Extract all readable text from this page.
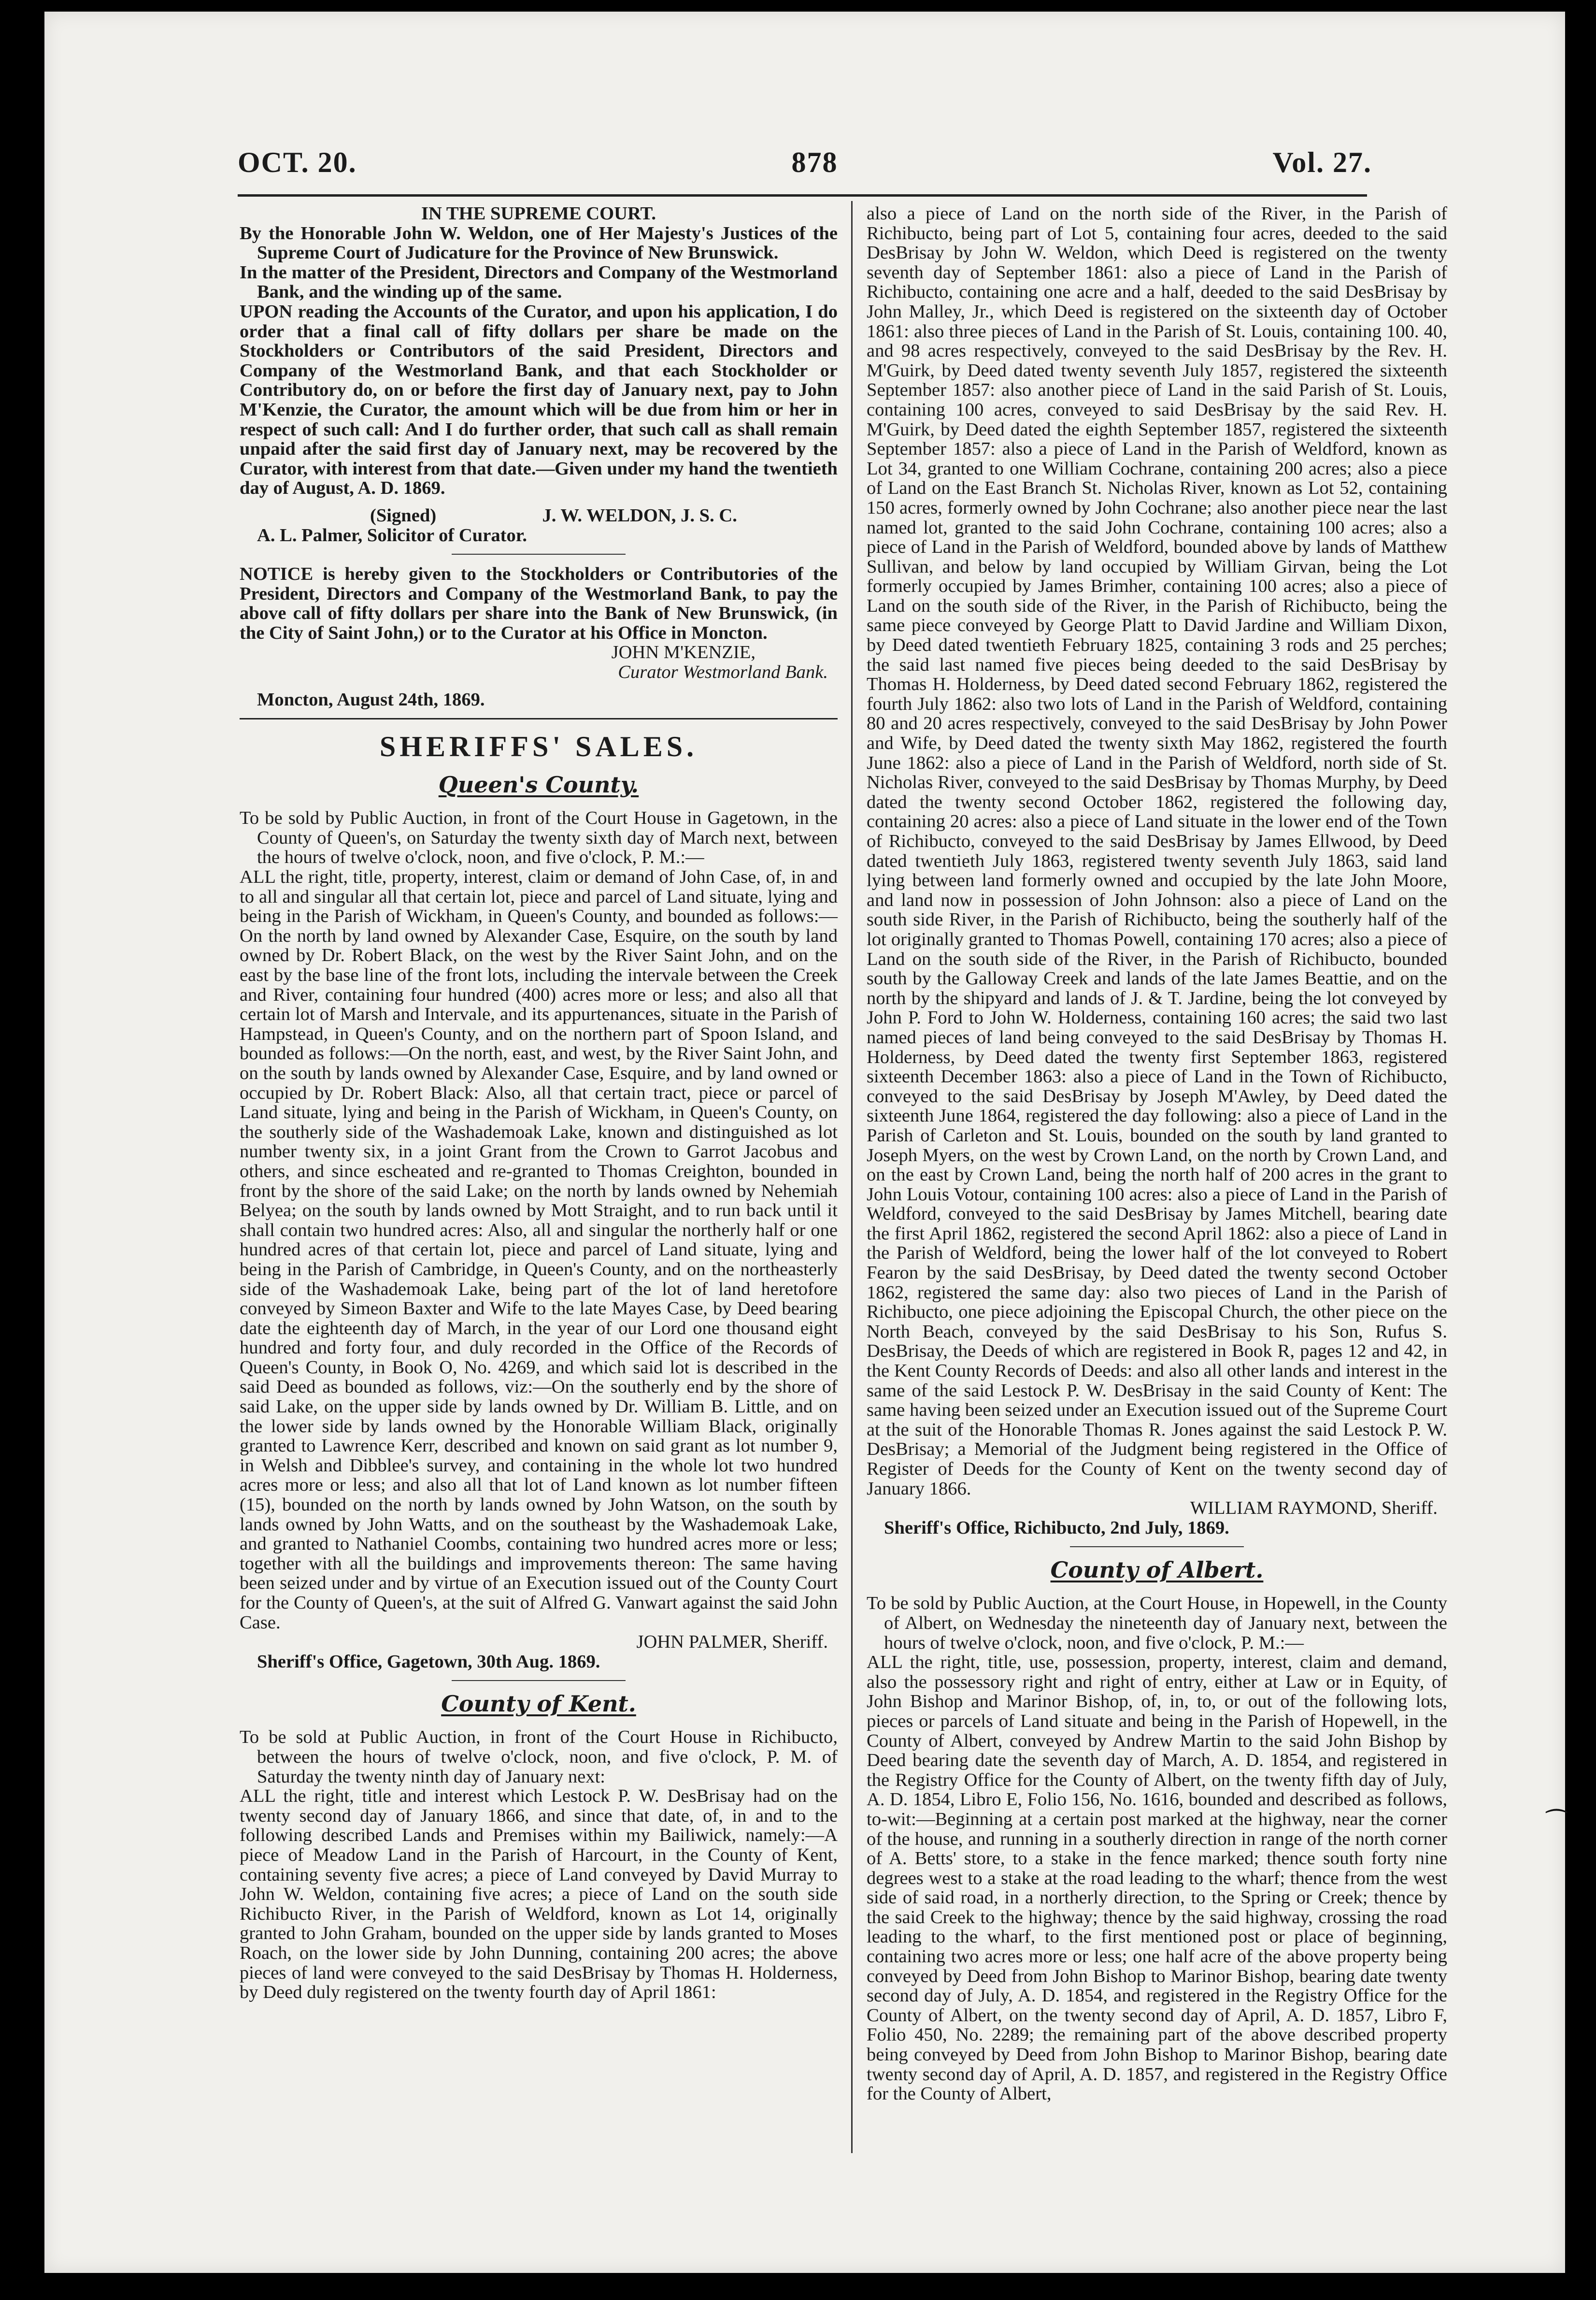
OCT. 20.	878	Vol. 27.

IN THE SUPREME COURT.

By the Honorable John W. Weldon, one of Her Majesty's Justices of the Supreme Court of Judicature for the Province of New Brunswick.

In the matter of the President, Directors and Company of the Westmorland Bank, and the winding up of the same.

UPON reading the Accounts of the Curator, and upon his application, I do order that a final call of fifty dollars per share be made on the Stockholders or Contributors of the said President, Directors and Company of the Westmorland Bank, and that each Stockholder or Contributory do, on or before the first day of January next, pay to John M'Kenzie, the Curator, the amount which will be due from him or her in respect of such call: And I do further order, that such call as shall remain unpaid after the said first day of January next, may be recovered by the Curator, with interest from that date.—Given under my hand the twentieth day of August, A. D. 1869.

(Signed)	J. W. WELDON, J. S. C.

A. L. Palmer, Solicitor of Curator.

NOTICE is hereby given to the Stockholders or Contributories of the President, Directors and Company of the Westmorland Bank, to pay the above call of fifty dollars per share into the Bank of New Brunswick, (in the City of Saint John,) or to the Curator at his Office in Moncton.

JOHN M'KENZIE,

Curator Westmorland Bank.

Moncton, August 24th, 1869.

SHERIFFS' SALES.

Queen's County.

To be sold by Public Auction, in front of the Court House in Gagetown, in the County of Queen's, on Saturday the twenty sixth day of March next, between the hours of twelve o'clock, noon, and five o'clock, P. M.:—

ALL the right, title, property, interest, claim or demand of John Case, of, in and to all and singular all that certain lot, piece and parcel of Land situate, lying and being in the Parish of Wickham, in Queen's County, and bounded as follows:—On the north by land owned by Alexander Case, Esquire, on the south by land owned by Dr. Robert Black, on the west by the River Saint John, and on the east by the base line of the front lots, including the intervale between the Creek and River, containing four hundred (400) acres more or less; and also all that certain lot of Marsh and Intervale, and its appurtenances, situate in the Parish of Hampstead, in Queen's County, and on the northern part of Spoon Island, and bounded as follows:—On the north, east, and west, by the River Saint John, and on the south by lands owned by Alexander Case, Esquire, and by land owned or occupied by Dr. Robert Black: Also, all that certain tract, piece or parcel of Land situate, lying and being in the Parish of Wickham, in Queen's County, on the southerly side of the Washademoak Lake, known and distinguished as lot number twenty six, in a joint Grant from the Crown to Garrot Jacobus and others, and since escheated and re-granted to Thomas Creighton, bounded in front by the shore of the said Lake; on the north by lands owned by Nehemiah Belyea; on the south by lands owned by Mott Straight, and to run back until it shall contain two hundred acres: Also, all and singular the northerly half or one hundred acres of that certain lot, piece and parcel of Land situate, lying and being in the Parish of Cambridge, in Queen's County, and on the northeasterly side of the Washademoak Lake, being part of the lot of land heretofore conveyed by Simeon Baxter and Wife to the late Mayes Case, by Deed bearing date the eighteenth day of March, in the year of our Lord one thousand eight hundred and forty four, and duly recorded in the Office of the Records of Queen's County, in Book O, No. 4269, and which said lot is described in the said Deed as bounded as follows, viz:—On the southerly end by the shore of said Lake, on the upper side by lands owned by Dr. William B. Little, and on the lower side by lands owned by the Honorable William Black, originally granted to Lawrence Kerr, described and known on said grant as lot number 9, in Welsh and Dibblee's survey, and containing in the whole lot two hundred acres more or less; and also all that lot of Land known as lot number fifteen (15), bounded on the north by lands owned by John Watson, on the south by lands owned by John Watts, and on the southeast by the Washademoak Lake, and granted to Nathaniel Coombs, containing two hundred acres more or less; together with all the buildings and improvements thereon: The same having been seized under and by virtue of an Execution issued out of the County Court for the County of Queen's, at the suit of Alfred G. Vanwart against the said John Case.

JOHN PALMER, Sheriff.

Sheriff's Office, Gagetown, 30th Aug. 1869.

County of Kent.

To be sold at Public Auction, in front of the Court House in Richibucto, between the hours of twelve o'clock, noon, and five o'clock, P. M. of Saturday the twenty ninth day of January next:

ALL the right, title and interest which Lestock P. W. DesBrisay had on the twenty second day of January 1866, and since that date, of, in and to the following described Lands and Premises within my Bailiwick, namely:—A piece of Meadow Land in the Parish of Harcourt, in the County of Kent, containing seventy five acres; a piece of Land conveyed by David Murray to John W. Weldon, containing five acres; a piece of Land on the south side Richibucto River, in the Parish of Weldford, known as Lot 14, originally granted to John Graham, bounded on the upper side by lands granted to Moses Roach, on the lower side by John Dunning, containing 200 acres; the above pieces of land were conveyed to the said DesBrisay by Thomas H. Holderness, by Deed duly registered on the twenty fourth day of April 1861:

also a piece of Land on the north side of the River, in the Parish of Richibucto, being part of Lot 5, containing four acres, deeded to the said DesBrisay by John W. Weldon, which Deed is registered on the twenty seventh day of September 1861: also a piece of Land in the Parish of Richibucto, containing one acre and a half, deeded to the said DesBrisay by John Malley, Jr., which Deed is registered on the sixteenth day of October 1861: also three pieces of Land in the Parish of St. Louis, containing 100. 40, and 98 acres respectively, conveyed to the said DesBrisay by the Rev. H. M'Guirk, by Deed dated twenty seventh July 1857, registered the sixteenth September 1857: also another piece of Land in the said Parish of St. Louis, containing 100 acres, conveyed to said DesBrisay by the said Rev. H. M'Guirk, by Deed dated the eighth September 1857, registered the sixteenth September 1857: also a piece of Land in the Parish of Weldford, known as Lot 34, granted to one William Cochrane, containing 200 acres; also a piece of Land on the East Branch St. Nicholas River, known as Lot 52, containing 150 acres, formerly owned by John Cochrane; also another piece near the last named lot, granted to the said John Cochrane, containing 100 acres; also a piece of Land in the Parish of Weldford, bounded above by lands of Matthew Sullivan, and below by land occupied by William Girvan, being the Lot formerly occupied by James Brimher, containing 100 acres; also a piece of Land on the south side of the River, in the Parish of Richibucto, being the same piece conveyed by George Platt to David Jardine and William Dixon, by Deed dated twentieth February 1825, containing 3 rods and 25 perches; the said last named five pieces being deeded to the said DesBrisay by Thomas H. Holderness, by Deed dated second February 1862, registered the fourth July 1862: also two lots of Land in the Parish of Weldford, containing 80 and 20 acres respectively, conveyed to the said DesBrisay by John Power and Wife, by Deed dated the twenty sixth May 1862, registered the fourth June 1862: also a piece of Land in the Parish of Weldford, north side of St. Nicholas River, conveyed to the said DesBrisay by Thomas Murphy, by Deed dated the twenty second October 1862, registered the following day, containing 20 acres: also a piece of Land situate in the lower end of the Town of Richibucto, conveyed to the said DesBrisay by James Ellwood, by Deed dated twentieth July 1863, registered twenty seventh July 1863, said land lying between land formerly owned and occupied by the late John Moore, and land now in possession of John Johnson: also a piece of Land on the south side River, in the Parish of Richibucto, being the southerly half of the lot originally granted to Thomas Powell, containing 170 acres; also a piece of Land on the south side of the River, in the Parish of Richibucto, bounded south by the Galloway Creek and lands of the late James Beattie, and on the north by the shipyard and lands of J. & T. Jardine, being the lot conveyed by John P. Ford to John W. Holderness, containing 160 acres; the said two last named pieces of land being conveyed to the said DesBrisay by Thomas H. Holderness, by Deed dated the twenty first September 1863, registered sixteenth December 1863: also a piece of Land in the Town of Richibucto, conveyed to the said DesBrisay by Joseph M'Awley, by Deed dated the sixteenth June 1864, registered the day following: also a piece of Land in the Parish of Carleton and St. Louis, bounded on the south by land granted to Joseph Myers, on the west by Crown Land, on the north by Crown Land, and on the east by Crown Land, being the north half of 200 acres in the grant to John Louis Votour, containing 100 acres: also a piece of Land in the Parish of Weldford, conveyed to the said DesBrisay by James Mitchell, bearing date the first April 1862, registered the second April 1862: also a piece of Land in the Parish of Weldford, being the lower half of the lot conveyed to Robert Fearon by the said DesBrisay, by Deed dated the twenty second October 1862, registered the same day: also two pieces of Land in the Parish of Richibucto, one piece adjoining the Episcopal Church, the other piece on the North Beach, conveyed by the said DesBrisay to his Son, Rufus S. DesBrisay, the Deeds of which are registered in Book R, pages 12 and 42, in the Kent County Records of Deeds: and also all other lands and interest in the same of the said Lestock P. W. DesBrisay in the said County of Kent: The same having been seized under an Execution issued out of the Supreme Court at the suit of the Honorable Thomas R. Jones against the said Lestock P. W. DesBrisay; a Memorial of the Judgment being registered in the Office of Register of Deeds for the County of Kent on the twenty second day of January 1866.

WILLIAM RAYMOND, Sheriff.

Sheriff's Office, Richibucto, 2nd July, 1869.

County of Albert.

To be sold by Public Auction, at the Court House, in Hopewell, in the County of Albert, on Wednesday the nineteenth day of January next, between the hours of twelve o'clock, noon, and five o'clock, P. M.:—

ALL the right, title, use, possession, property, interest, claim and demand, also the possessory right and right of entry, either at Law or in Equity, of John Bishop and Marinor Bishop, of, in, to, or out of the following lots, pieces or parcels of Land situate and being in the Parish of Hopewell, in the County of Albert, conveyed by Andrew Martin to the said John Bishop by Deed bearing date the seventh day of March, A. D. 1854, and registered in the Registry Office for the County of Albert, on the twenty fifth day of July, A. D. 1854, Libro E, Folio 156, No. 1616, bounded and described as follows, to-wit:—Beginning at a certain post marked at the highway, near the corner of the house, and running in a southerly direction in range of the north corner of A. Betts' store, to a stake in the fence marked; thence south forty nine degrees west to a stake at the road leading to the wharf; thence from the west side of said road, in a northerly direction, to the Spring or Creek; thence by the said Creek to the highway; thence by the said highway, crossing the road leading to the wharf, to the first mentioned post or place of beginning, containing two acres more or less; one half acre of the above property being conveyed by Deed from John Bishop to Marinor Bishop, bearing date twenty second day of July, A. D. 1854, and registered in the Registry Office for the County of Albert, on the twenty second day of April, A. D. 1857, Libro F, Folio 450, No. 2289; the remaining part of the above described property being conveyed by Deed from John Bishop to Marinor Bishop, bearing date twenty second day of April, A. D. 1857, and registered in the Registry Office for the County of Albert,

⁀
